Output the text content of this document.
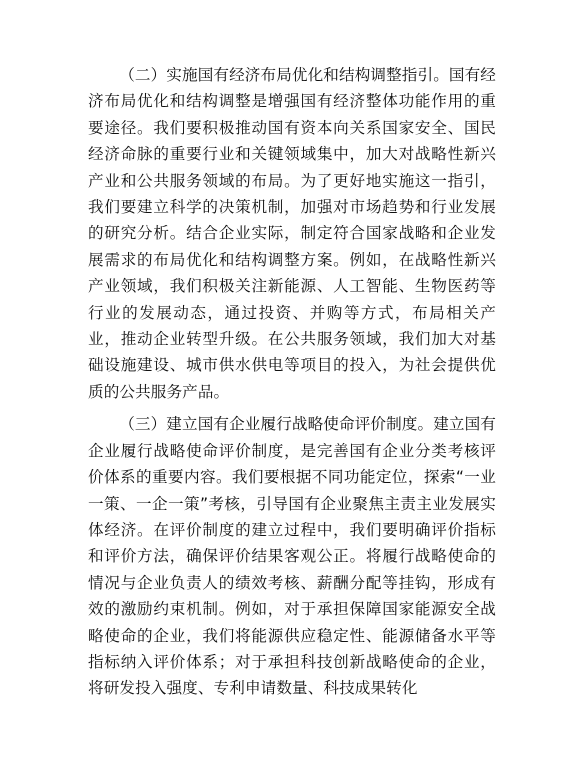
（二）实施国有经济布局优化和结构调整指引。国有经济布局优化和结构调整是增强国有经济整体功能作用的重要途径。我们要积极推动国有资本向关系国家安全、国民经济命脉的重要行业和关键领域集中，加大对战略性新兴产业和公共服务领域的布局。为了更好地实施这一指引，我们要建立科学的决策机制，加强对市场趋势和行业发展的研究分析。结合企业实际，制定符合国家战略和企业发展需求的布局优化和结构调整方案。例如，在战略性新兴产业领域，我们积极关注新能源、人工智能、生物医药等行业的发展动态，通过投资、并购等方式，布局相关产业，推动企业转型升级。在公共服务领域，我们加大对基础设施建设、城市供水供电等项目的投入，为社会提供优质的公共服务产品。

（三）建立国有企业履行战略使命评价制度。建立国有企业履行战略使命评价制度，是完善国有企业分类考核评价体系的重要内容。我们要根据不同功能定位，探索“一业一策、一企一策”考核，引导国有企业聚焦主责主业发展实体经济。在评价制度的建立过程中，我们要明确评价指标和评价方法，确保评价结果客观公正。将履行战略使命的情况与企业负责人的绩效考核、薪酬分配等挂钩，形成有效的激励约束机制。例如，对于承担保障国家能源安全战略使命的企业，我们将能源供应稳定性、能源储备水平等指标纳入评价体系；对于承担科技创新战略使命的企业，将研发投入强度、专利申请数量、科技成果转化
